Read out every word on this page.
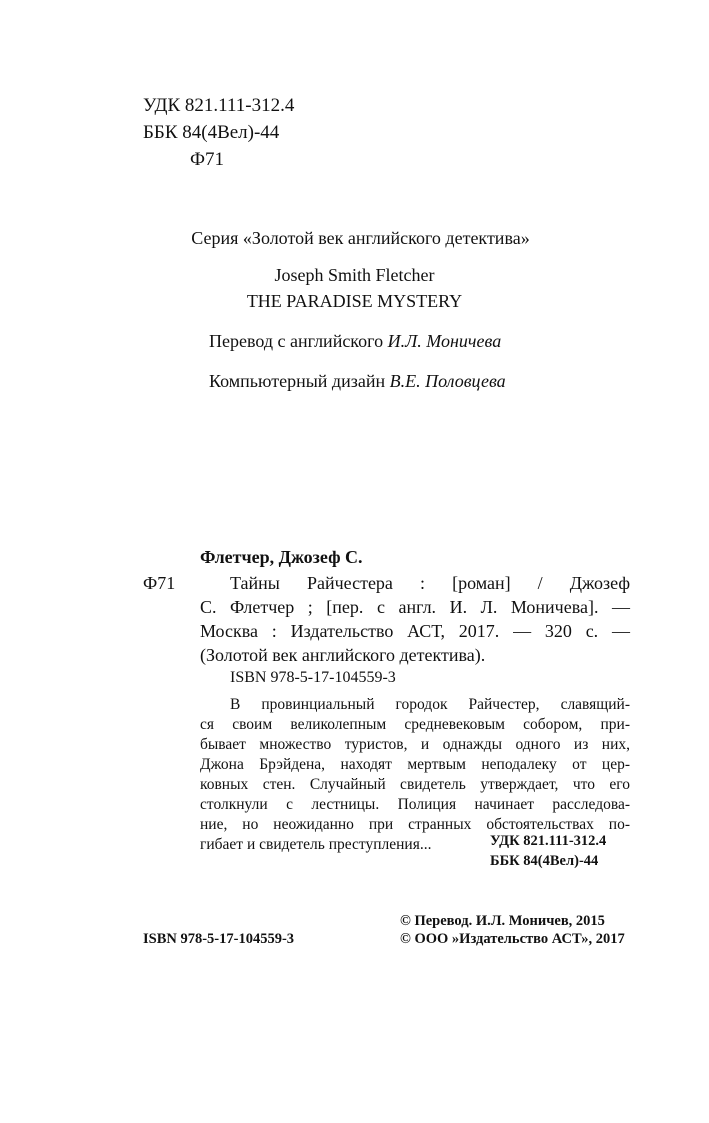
УДК 821.111-312.4
ББК 84(4Вел)-44
Ф71
Серия «Золотой век английского детектива»
Joseph Smith Fletcher
THE PARADISE MYSTERY
Перевод с английского И.Л. Моничева
Компьютерный дизайн В.Е. Половцева
Флетчер, Джозеф С.
Ф71	Тайны Райчестера : [роман] / Джозеф
С. Флетчер ; [пер. с англ. И. Л. Моничева]. —
Москва : Издательство АСТ, 2017. — 320 с. —
(Золотой век английского детектива).
ISBN 978-5-17-104559-3
В провинциальный городок Райчестер, славящий-
ся своим великолепным средневековым собором, при-
бывает множество туристов, и однажды одного из них,
Джона Брэйдена, находят мертвым неподалеку от цер-
ковных стен. Случайный свидетель утверждает, что его
столкнули с лестницы. Полиция начинает расследова-
ние, но неожиданно при странных обстоятельствах по-
гибает и свидетель преступления...	УДК 821.111-312.4
ББК 84(4Вел)-44
ISBN 978-5-17-104559-3
© Перевод. И.Л. Моничев, 2015
© ООО »Издательство АСТ», 2017
